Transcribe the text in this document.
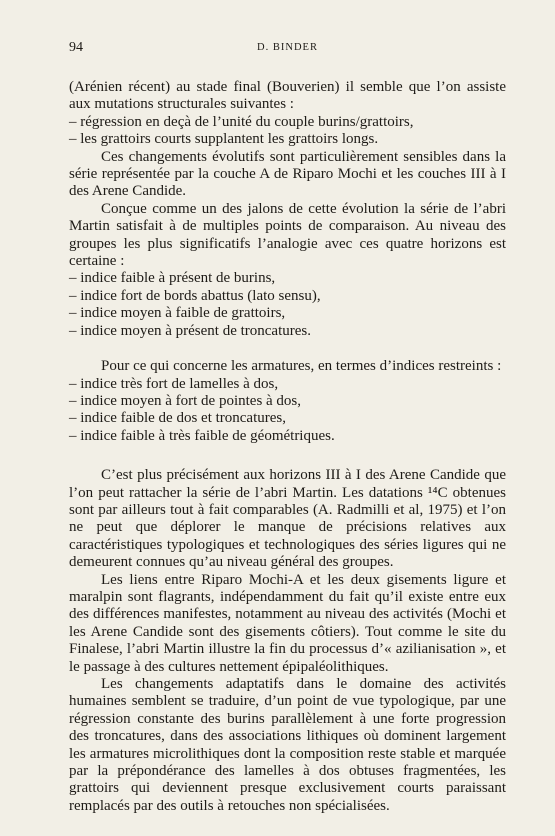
94	D. BINDER

(Arénien récent) au stade final (Bouverien) il semble que l’on assiste aux mutations structurales suivantes :

– régression en deçà de l’unité du couple burins/grattoirs,

– les grattoirs courts supplantent les grattoirs longs.

Ces changements évolutifs sont particulièrement sensibles dans la série représentée par la couche A de Riparo Mochi et les couches III à I des Arene Candide.

Conçue comme un des jalons de cette évolution la série de l’abri Martin satisfait à de multiples points de comparaison. Au niveau des groupes les plus significatifs l’analogie avec ces quatre horizons est certaine :

– indice faible à présent de burins,

– indice fort de bords abattus (lato sensu),

– indice moyen à faible de grattoirs,

– indice moyen à présent de troncatures.

Pour ce qui concerne les armatures, en termes d’indices restreints :

– indice très fort de lamelles à dos,

– indice moyen à fort de pointes à dos,

– indice faible de dos et troncatures,

– indice faible à très faible de géométriques.

C’est plus précisément aux horizons III à I des Arene Candide que l’on peut rattacher la série de l’abri Martin. Les datations ¹⁴C obtenues sont par ailleurs tout à fait comparables (A. Radmilli et al, 1975) et l’on ne peut que déplorer le manque de précisions relatives aux caractéristiques typologiques et technologiques des séries ligures qui ne demeurent connues qu’au niveau général des groupes.

Les liens entre Riparo Mochi-A et les deux gisements ligure et maralpin sont flagrants, indépendamment du fait qu’il existe entre eux des différences manifestes, notamment au niveau des activités (Mochi et les Arene Candide sont des gisements côtiers). Tout comme le site du Finalese, l’abri Martin illustre la fin du processus d’« azilianisation », et le passage à des cultures nettement épipaléolithiques.

Les changements adaptatifs dans le domaine des activités humaines semblent se traduire, d’un point de vue typologique, par une régression constante des burins parallèlement à une forte progression des troncatures, dans des associations lithiques où dominent largement les armatures microlithiques dont la composition reste stable et marquée par la prépondérance des lamelles à dos obtuses fragmentées, les grattoirs qui deviennent presque exclusivement courts paraissant remplacés par des outils à retouches non spécialisées.
